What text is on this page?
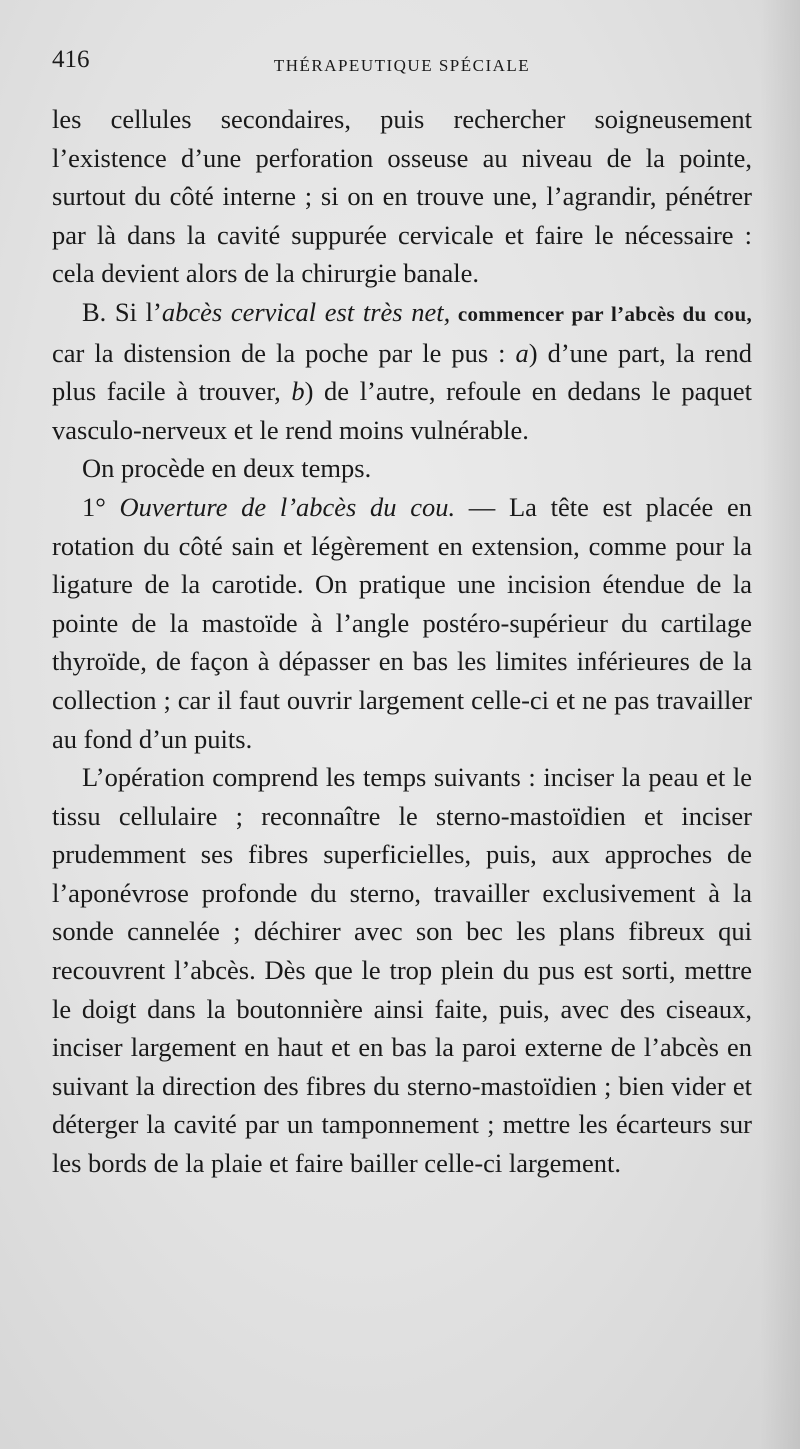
416	THÉRAPEUTIQUE SPÉCIALE

les cellules secondaires, puis rechercher soigneusement l’existence d’une perforation osseuse au niveau de la pointe, surtout du côté interne ; si on en trouve une, l’agrandir, pénétrer par là dans la cavité suppurée cervicale et faire le nécessaire : cela devient alors de la chirurgie banale.

B. Si l’abcès cervical est très net, commencer par l’abcès du cou, car la distension de la poche par le pus : a) d’une part, la rend plus facile à trouver, b) de l’autre, refoule en dedans le paquet vasculo-nerveux et le rend moins vulnérable.

On procède en deux temps.

1° Ouverture de l’abcès du cou. — La tête est placée en rotation du côté sain et légèrement en extension, comme pour la ligature de la carotide. On pratique une incision étendue de la pointe de la mastoïde à l’angle postéro-supérieur du cartilage thyroïde, de façon à dépasser en bas les limites inférieures de la collection ; car il faut ouvrir largement celle-ci et ne pas travailler au fond d’un puits.

L’opération comprend les temps suivants : inciser la peau et le tissu cellulaire ; reconnaître le sterno-mastoïdien et inciser prudemment ses fibres superficielles, puis, aux approches de l’aponévrose profonde du sterno, travailler exclusivement à la sonde cannelée ; déchirer avec son bec les plans fibreux qui recouvrent l’abcès. Dès que le trop plein du pus est sorti, mettre le doigt dans la boutonnière ainsi faite, puis, avec des ciseaux, inciser largement en haut et en bas la paroi externe de l’abcès en suivant la direction des fibres du sterno-mastoïdien ; bien vider et déterger la cavité par un tamponnement ; mettre les écarteurs sur les bords de la plaie et faire bailler celle-ci largement.
